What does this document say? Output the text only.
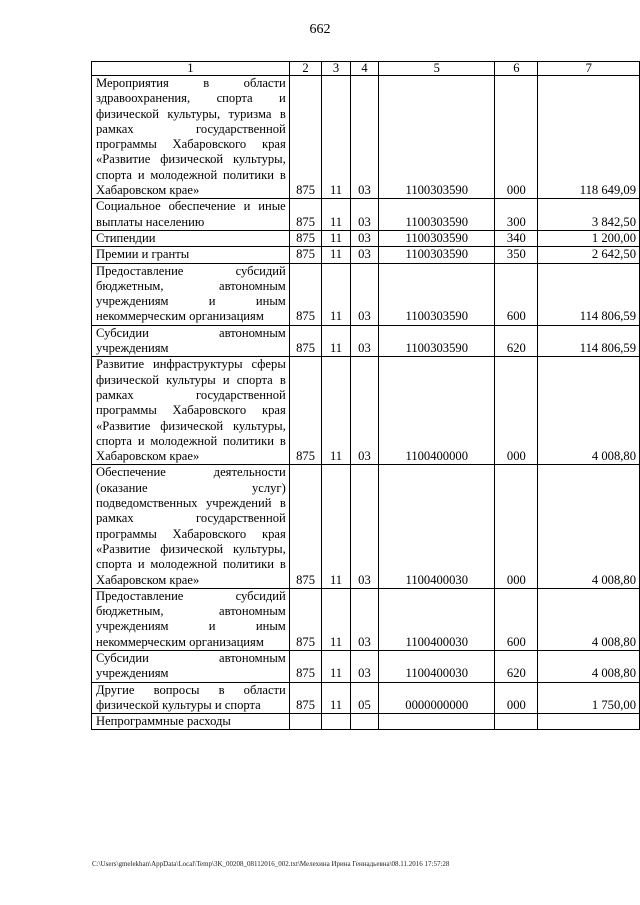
662
1	2	3	4	5	6	7
Мероприятия в области здравоохранения, спорта и физической культуры, туризма в рамках государственной программы Хабаровского края «Развитие физической культуры, спорта и молодежной политики в Хабаровском крае»	875	11	03	1100303590	000	118 649,09
Социальное обеспечение и иные выплаты населению	875	11	03	1100303590	300	3 842,50
Стипендии	875	11	03	1100303590	340	1 200,00
Премии и гранты	875	11	03	1100303590	350	2 642,50
Предоставление субсидий бюджетным, автономным учреждениям и иным некоммерческим организациям	875	11	03	1100303590	600	114 806,59
Субсидии автономным учреждениям	875	11	03	1100303590	620	114 806,59
Развитие инфраструктуры сферы физической культуры и спорта в рамках государственной программы Хабаровского края «Развитие физической культуры, спорта и молодежной политики в Хабаровском крае»	875	11	03	1100400000	000	4 008,80
Обеспечение деятельности (оказание услуг) подведомственных учреждений в рамках государственной программы Хабаровского края «Развитие физической культуры, спорта и молодежной политики в Хабаровском крае»	875	11	03	1100400030	000	4 008,80
Предоставление субсидий бюджетным, автономным учреждениям и иным некоммерческим организациям	875	11	03	1100400030	600	4 008,80
Субсидии автономным учреждениям	875	11	03	1100400030	620	4 008,80
Другие вопросы в области физической культуры и спорта	875	11	05	0000000000	000	1 750,00
Непрограммные расходы						
C:\Users\gmelekhan\AppData\Local\Temp\3K_00208_08112016_002.txt\Мелехина Ирина Геннадьевна\08.11.2016 17:57:28
